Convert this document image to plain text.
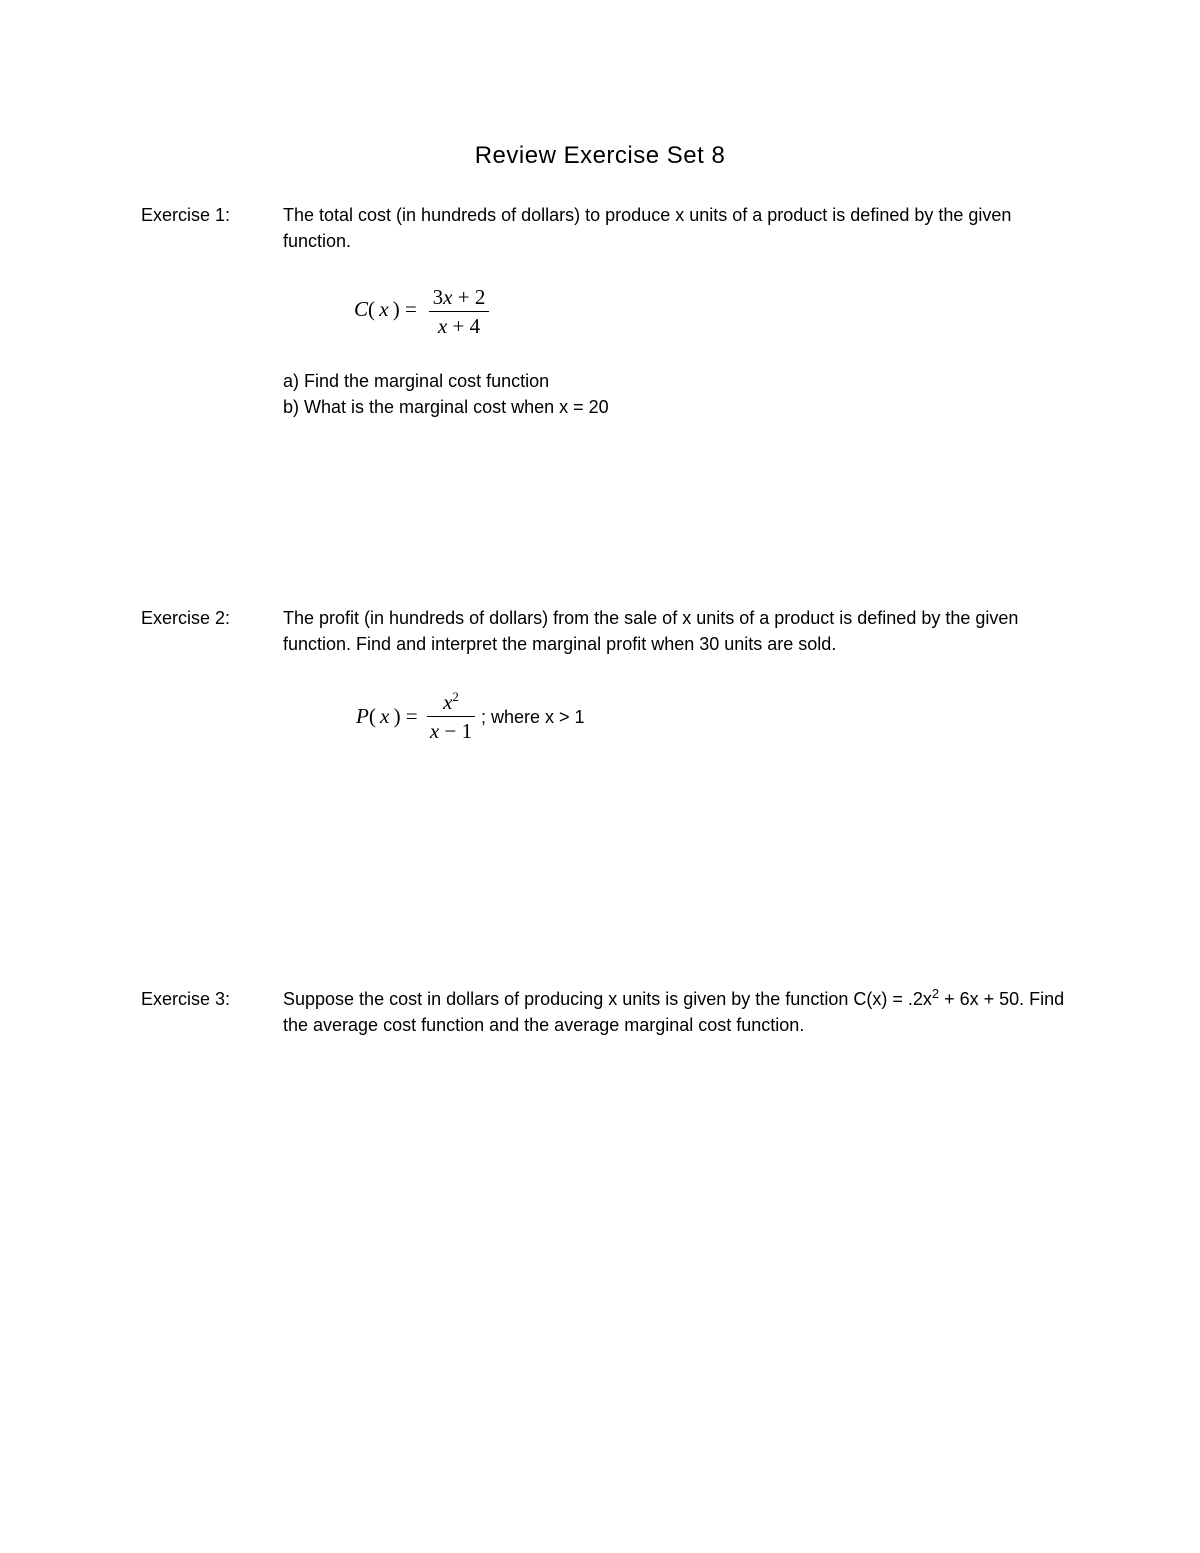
Review Exercise Set 8
Exercise 1:	The total cost (in hundreds of dollars) to produce x units of a product is defined by the given function.
C( x ) = 3x + 2
x + 4
a) Find the marginal cost function
b) What is the marginal cost when x = 20
Exercise 2:	The profit (in hundreds of dollars) from the sale of x units of a product is defined by the given function. Find and interpret the marginal profit when 30 units are sold.
P( x ) =
$x^2$
x − 1
; where x > 1
Exercise 3:	Suppose the cost in dollars of producing x units is given by the function $C(x) = .2x^2 + 6x + 50$. Find the average cost function and the average marginal cost function.
